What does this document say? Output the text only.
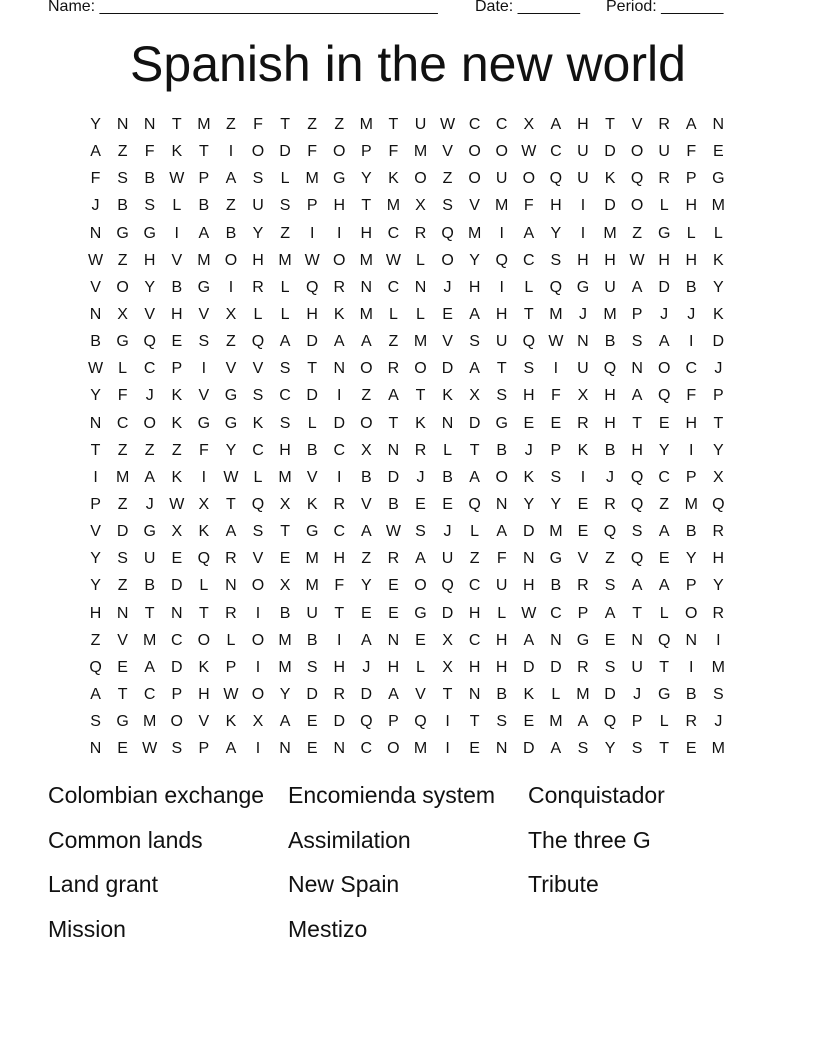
Name: ______________________________________ Date: _______ Period: _______
Spanish in the new world
Y N N	T M Z	F	T	Z	Z M T	U W C C X	A H	T	V R A N
A	Z	F	K	T	I	O D	F O P	F M V O O W C U D O U	F	E
F	S	B W P	A	S	L M G Y	K O Z O U O Q U K Q R P G
J	B	S	L	B	Z	U S	P H	T M X	S	V M F	H	I	D O	L	H M
N G G	I	A	B	Y	Z	I	I	H C R Q M	I	A	Y	I	M Z G	L	L
W Z	H V M O H M W O M W L	O Y Q C S H H W H H K
V O Y	B G	I	R	L	Q R N C N	J	H	I	L	Q G U A D B	Y
N X	V H V	X	L	L	H K M L	L	E	A H	T M	J	M P	J	J	K
B G Q E	S	Z Q A D A	A	Z M V	S U Q W N B	S	A	I	D
W L	C P	I	V	V	S	T	N O R O D A	T	S	I	U Q N O C	J
Y	F	J	K	V G S C D	I	Z	A	T	K	X	S H	F	X H A Q F	P
N C O K G G K	S	L	D O T	K N D G E	E R H	T	E H	T
T	Z	Z	Z	F	Y C H B C X N R	L	T	B	J	P	K	B H Y	I	Y
I	M A	K	I	W L M V	I	B D	J	B	A O K	S	I	J	Q C P	X
P	Z	J W X	T Q X	K R V	B	E	E Q N Y	Y	E R Q Z M Q
V D G X	K	A	S	T G C A W S	J	L	A D M E Q S	A	B R
Y	S U E Q R V	E M H	Z	R A U	Z	F	N G V	Z Q E	Y H
Y	Z	B D	L	N O X M F	Y	E O Q C U H B R S	A	A	P	Y
H N	T	N	T	R	I	B U	T	E	E G D H	L W C P	A	T	L	O R
Z	V M C O	L	O M B	I	A N E	X C H A N G E N Q N	I
Q E	A D K	P	I	M S H	J	H	L	X H H D D R S U	T	I	M
A	T	C P H W O Y D R D A	V	T	N B	K	L M D	J	G B	S
S G M O V	K	X	A	E D Q P Q	I	T	S	E M A Q P	L	R	J
N E W S	P	A	I	N E N C O M	I	E N D A	S	Y	S	T	E M
Colombian exchange	Encomienda system	Conquistador
Common lands	Assimilation	The three G
Land grant	New Spain	Tribute
Mission	Mestizo
